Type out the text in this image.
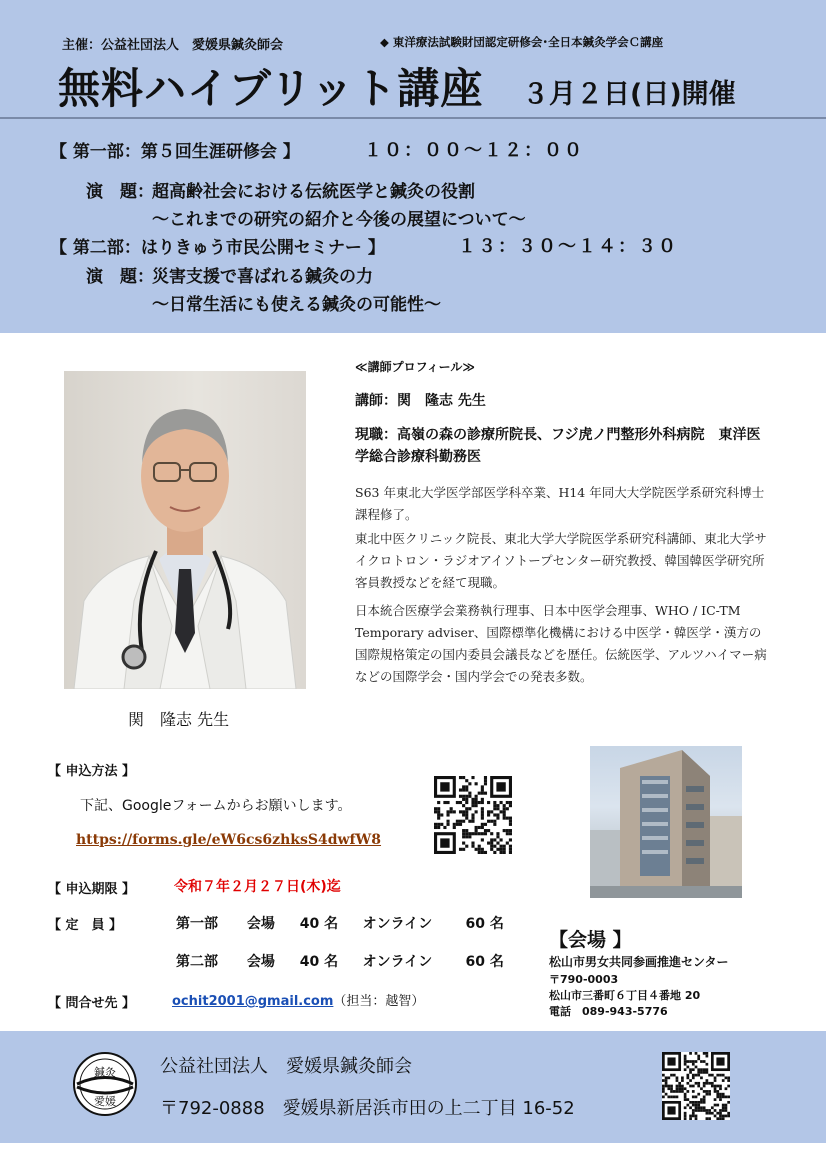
主催：公益社団法人　愛媛県鍼灸師会	◆ 東洋療法試験財団認定研修会･全日本鍼灸学会Ｃ講座
無料ハイブリット講座 ３月２日(日)開催
【 第一部：第５回生涯研修会 】	１０：００～１２：００
演　題：
超高齢社会における伝統医学と鍼灸の役割
～これまでの研究の紹介と今後の展望について～
【 第二部：はりきゅう市民公開セミナー 】	１３：３０～１４：３０
演　題：
災害支援で喜ばれる鍼灸の力
～日常生活にも使える鍼灸の可能性～
関　隆志 先生
≪講師プロフィール≫
講師：関　隆志 先生
現職：高嶺の森の診療所院長、フジ虎ノ門整形外科病院　東洋医学総合診療科勤務医
S63 年東北大学医学部医学科卒業、H14 年同大大学院医学系研究科博士課程修了。
東北中医クリニック院長、東北大学大学院医学系研究科講師、東北大学サイクロトロン・ラジオアイソトープセンター研究教授、韓国韓医学研究所客員教授などを経て現職。
日本統合医療学会業務執行理事、日本中医学会理事、WHO / IC-TM Temporary adviser、国際標準化機構における中医学・韓医学・漢方の国際規格策定の国内委員会議長などを歴任。伝統医学、アルツハイマー病などの国際学会・国内学会での発表多数。
【 申込方法 】
下記、Googleフォームからお願いします。
https://forms.gle/eW6cs6zhksS4dwfW8
【 申込期限 】	令和７年２月２７日(木)迄
【 定　員 】	第一部 会場 40 名 オンライン 60 名
第二部 会場 40 名 オンライン 60 名
【 問合せ先 】	ochit2001@gmail.com（担当：越智）
【会場 】
松山市男女共同参画推進センター
〒790-0003
松山市三番町６丁目４番地 20
電話　089-943-5776
鍼灸
愛媛
公益社団法人　愛媛県鍼灸師会
〒792-0888　愛媛県新居浜市田の上二丁目 16-52
